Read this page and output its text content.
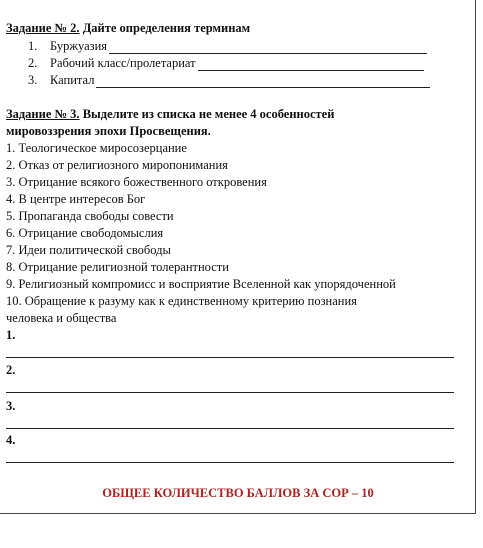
Задание № 2. Дайте определения терминам
1.	Буржуазия
2.	Рабочий класс/пролетариат
3.	Капитал
Задание № 3. Выделите из списка не менее 4 особенностей
мировоззрения эпохи Просвещения.
1. Теологическое миросозерцание
2. Отказ от религиозного миропонимания
3. Отрицание всякого божественного откровения
4. В центре интересов Бог
5. Пропаганда свободы совести
6. Отрицание свободомыслия
7. Идеи политической свободы
8. Отрицание религиозной толерантности
9. Религиозный компромисс и восприятие Вселенной как упорядоченной
10. Обращение к разуму как к единственному критерию познания
человека и общества
1.
2.
3.
4.
ОБЩЕЕ КОЛИЧЕСТВО БАЛЛОВ ЗА СОР – 10
